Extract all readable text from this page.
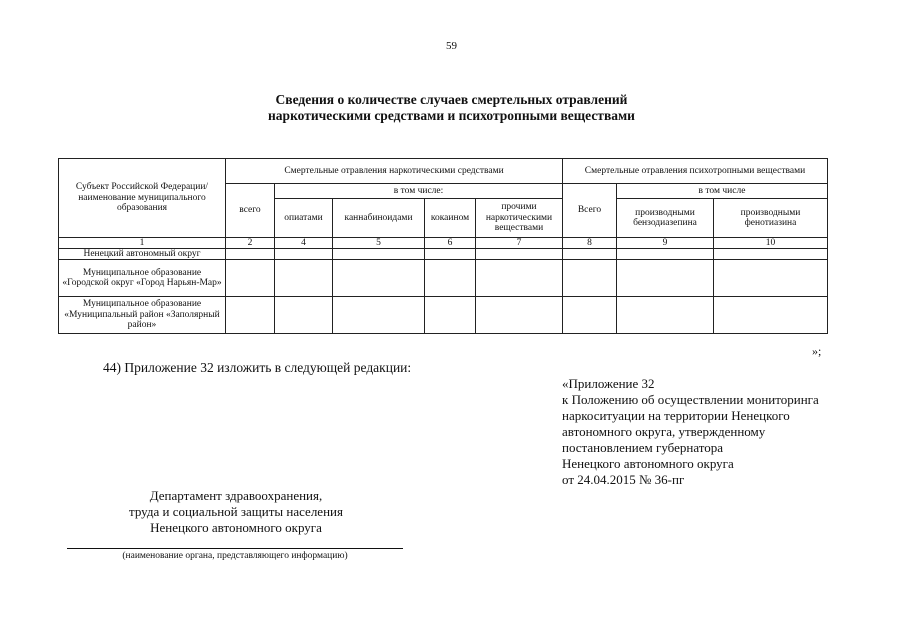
59
Сведения о количестве случаев смертельных отравлений
наркотическими средствами и психотропными веществами
Субъект Российской Федерации/ наименование муниципального образования	Смертельные отравления наркотическими средствами					Смертельные отравления психотропными веществами		
	всего	в том числе:				Всего	в том числе	
		опиатами	каннабиноидами	кокаином	прочими наркотическими веществами		производными бензодиазепина	производными фенотиазина
1	2	4	5	6	7	8	9	10
Ненецкий автономный округ								
Муниципальное образование «Городской округ «Город Нарьян-Мар»								
Муниципальное образование «Муниципальный район «Заполярный район»								
»;
44) Приложение 32 изложить в следующей редакции:
«Приложение 32
к Положению об осуществлении мониторинга
наркоситуации на территории Ненецкого
автономного округа, утвержденному
постановлением губернатора
Ненецкого автономного округа
от 24.04.2015 № 36-пг
Департамент здравоохранения,
труда и социальной защиты населения
Ненецкого автономного округа
(наименование органа, представляющего информацию)
